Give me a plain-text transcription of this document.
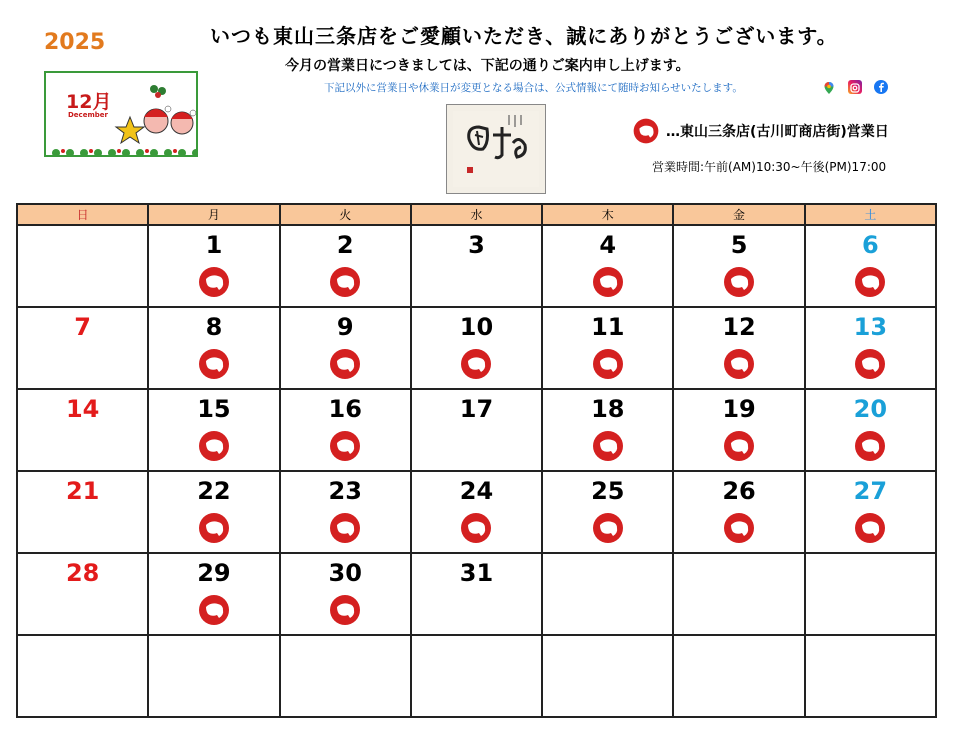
2025
12月
December
いつも東山三条店をご愛顧いただき、誠にありがとうございます。
今月の営業日につきましては、下記の通りご案内申し上げます。
下記以外に営業日や休業日が変更となる場合は、公式情報にて随時お知らせいたします。
…東山三条店(古川町商店街)営業日
営業時間:午前(AM)10:30~午後(PM)17:00
日	月	火	水	木	金	土

	1	2	3	4	5	6

7	8	9	10	11	12	13

14	15	16	17	18	19	20

21	22	23	24	25	26	27

28	29	30	31			
